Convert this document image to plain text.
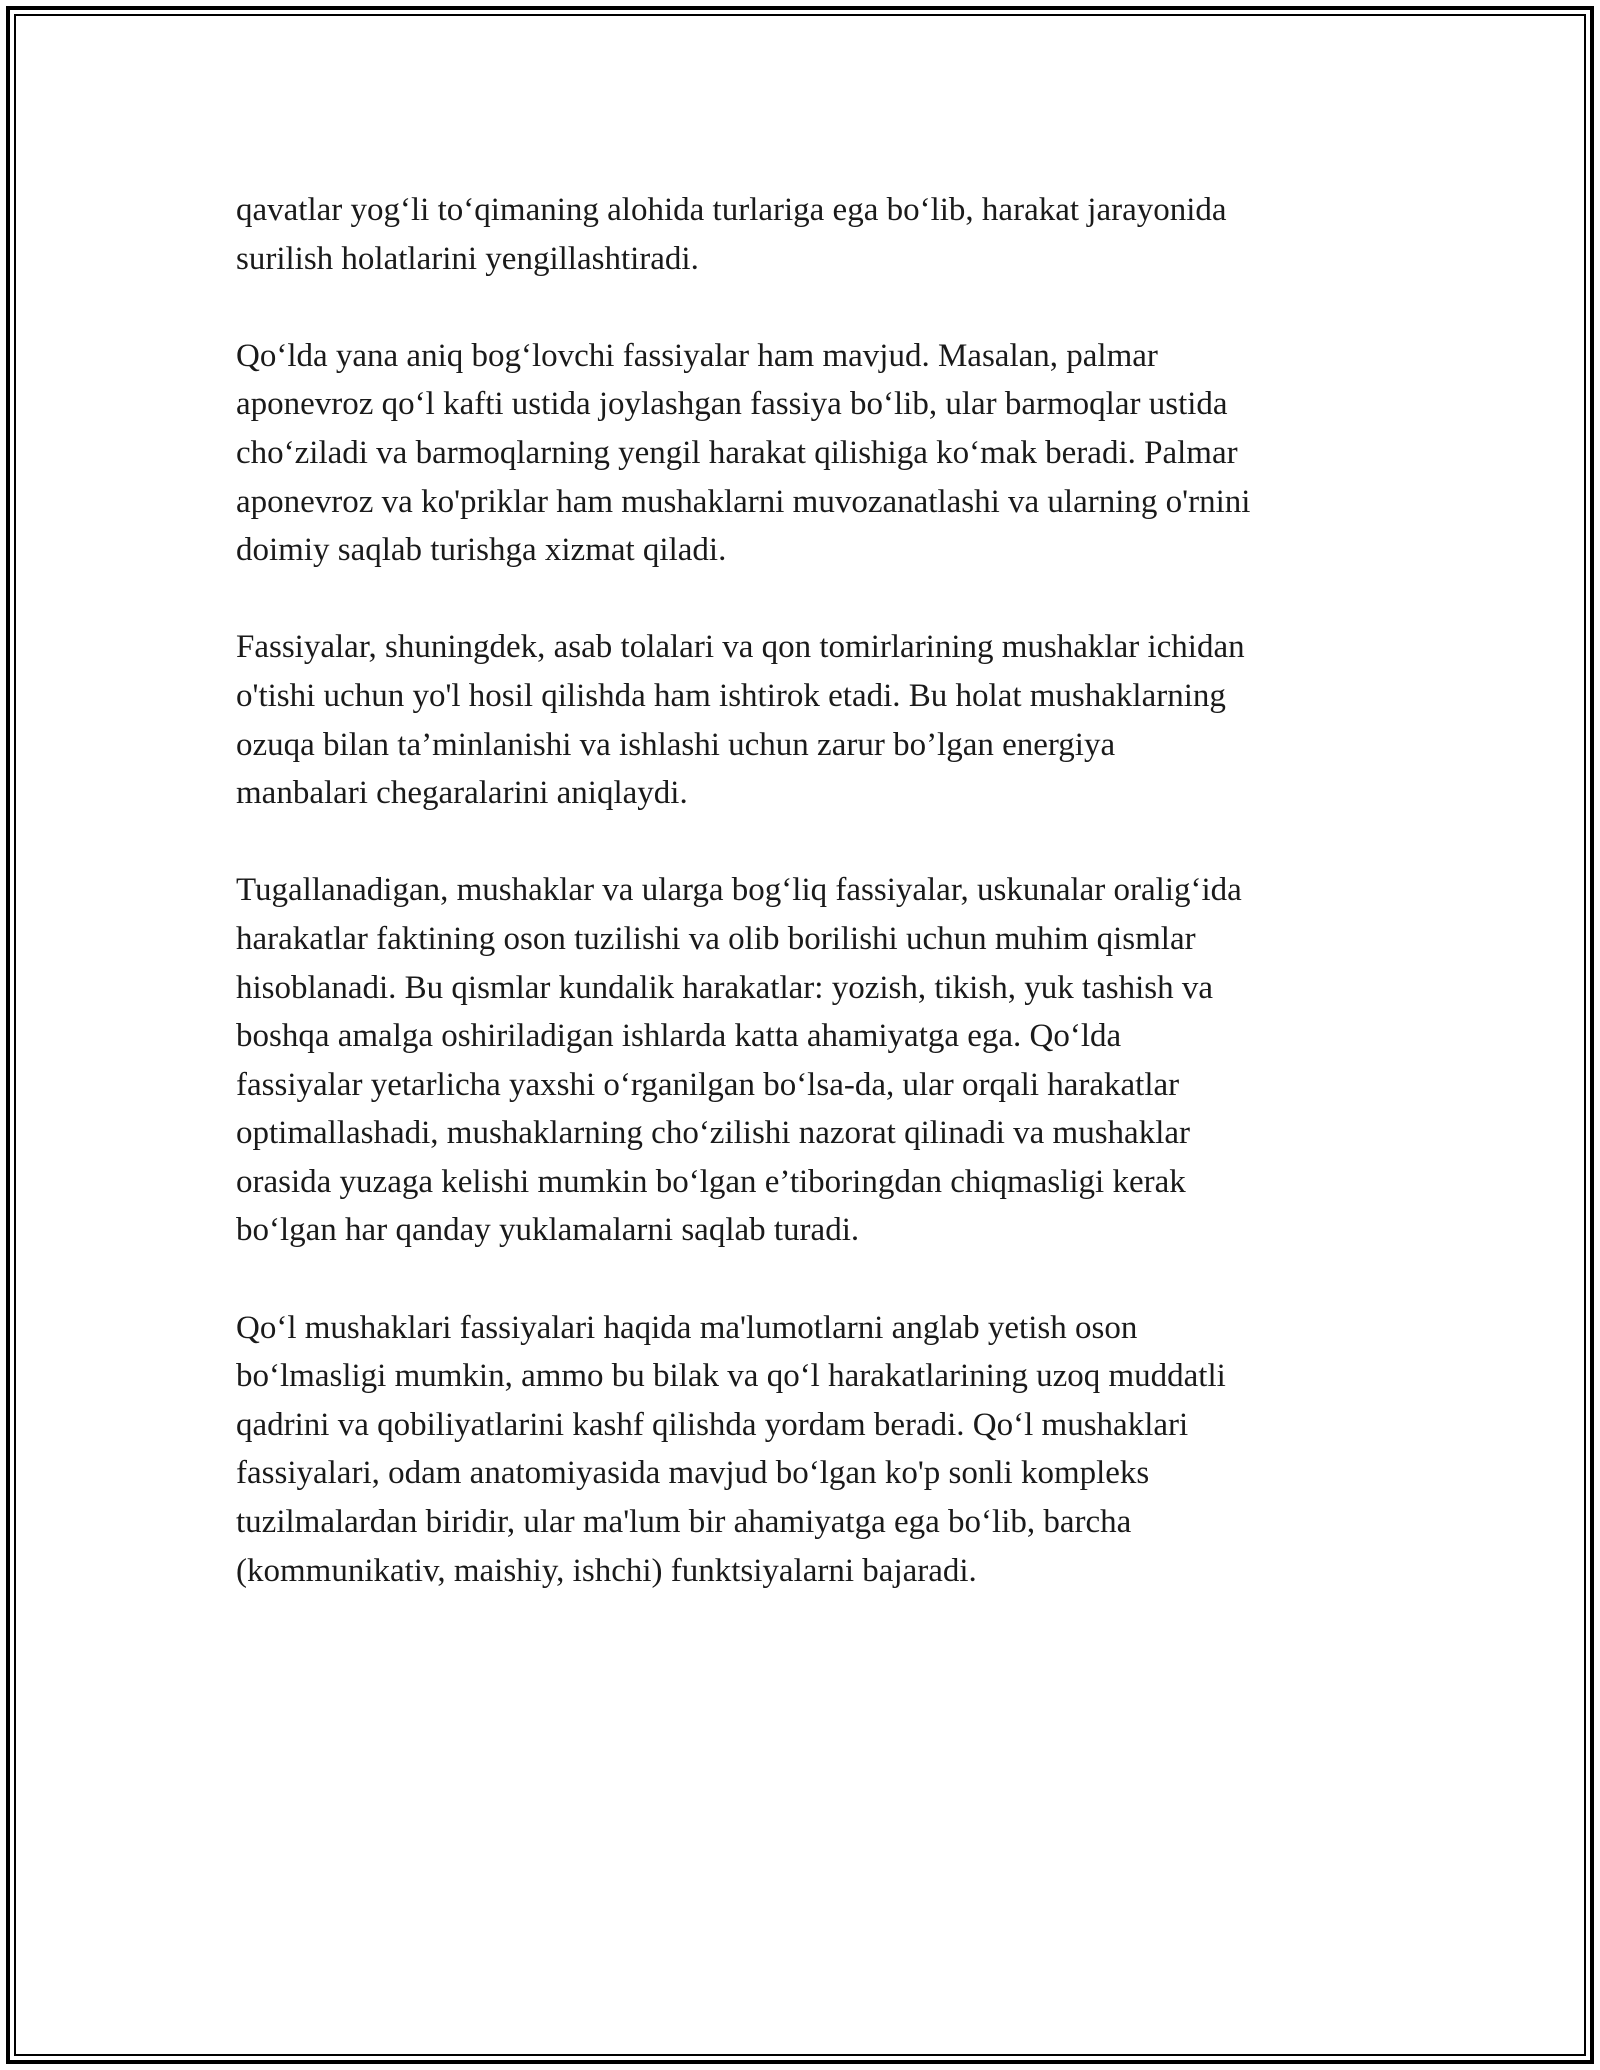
qavatlar yog‘li to‘qimaning alohida turlariga ega bo‘lib, harakat jarayonida
surilish holatlarini yengillashtiradi.

Qo‘lda yana aniq bog‘lovchi fassiyalar ham mavjud. Masalan, palmar
aponevroz qo‘l kafti ustida joylashgan fassiya bo‘lib, ular barmoqlar ustida
cho‘ziladi va barmoqlarning yengil harakat qilishiga ko‘mak beradi. Palmar
aponevroz va ko'priklar ham mushaklarni muvozanatlashi va ularning o'rnini
doimiy saqlab turishga xizmat qiladi.

Fassiyalar, shuningdek, asab tolalari va qon tomirlarining mushaklar ichidan
o'tishi uchun yo'l hosil qilishda ham ishtirok etadi. Bu holat mushaklarning
ozuqa bilan ta’minlanishi va ishlashi uchun zarur bo’lgan energiya
manbalari chegaralarini aniqlaydi.

Tugallanadigan, mushaklar va ularga bog‘liq fassiyalar, uskunalar oralig‘ida
harakatlar faktining oson tuzilishi va olib borilishi uchun muhim qismlar
hisoblanadi. Bu qismlar kundalik harakatlar: yozish, tikish, yuk tashish va
boshqa amalga oshiriladigan ishlarda katta ahamiyatga ega. Qo‘lda
fassiyalar yetarlicha yaxshi o‘rganilgan bo‘lsa-da, ular orqali harakatlar
optimallashadi, mushaklarning cho‘zilishi nazorat qilinadi va mushaklar
orasida yuzaga kelishi mumkin bo‘lgan e’tiboringdan chiqmasligi kerak
bo‘lgan har qanday yuklamalarni saqlab turadi.

Qo‘l mushaklari fassiyalari haqida ma'lumotlarni anglab yetish oson
bo‘lmasligi mumkin, ammo bu bilak va qo‘l harakatlarining uzoq muddatli
qadrini va qobiliyatlarini kashf qilishda yordam beradi. Qo‘l mushaklari
fassiyalari, odam anatomiyasida mavjud bo‘lgan ko'p sonli kompleks
tuzilmalardan biridir, ular ma'lum bir ahamiyatga ega bo‘lib, barcha
(kommunikativ, maishiy, ishchi) funktsiyalarni bajaradi.
